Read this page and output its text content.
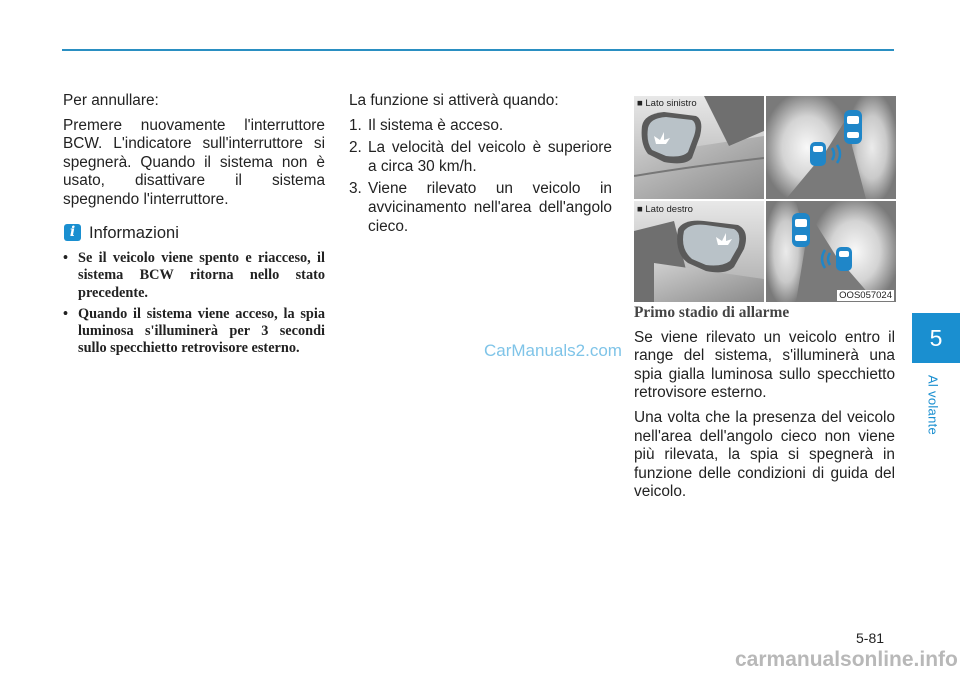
Per annullare:

Premere nuovamente l'interruttore BCW. L'indicatore sull'interruttore si spegnerà. Quando il sistema non è usato, disattivare il sistema spegnendo l'interruttore.

i Informazioni
• Se il veicolo viene spento e riacceso, il sistema BCW ritorna nello stato precedente.
• Quando il sistema viene acceso, la spia luminosa s'illuminerà per 3 secondi sullo specchietto retrovisore esterno.

La funzione si attiverà quando:

1. Il sistema è acceso.
2. La velocità del veicolo è superiore a circa 30 km/h.
3. Viene rilevato un veicolo in avvicinamento nell'area dell'angolo cieco.
CarManuals2.com
■ Lato sinistro
■ Lato destro
OOS057024
Primo stadio di allarme

Se viene rilevato un veicolo entro il range del sistema, s'illuminerà una spia gialla luminosa sullo specchietto retrovisore esterno.

Una volta che la presenza del veicolo nell'area dell'angolo cieco non viene più rilevata, la spia si spegnerà in funzione delle condizioni di guida del veicolo.

5
Al volante
5-81
carmanualsonline.info
